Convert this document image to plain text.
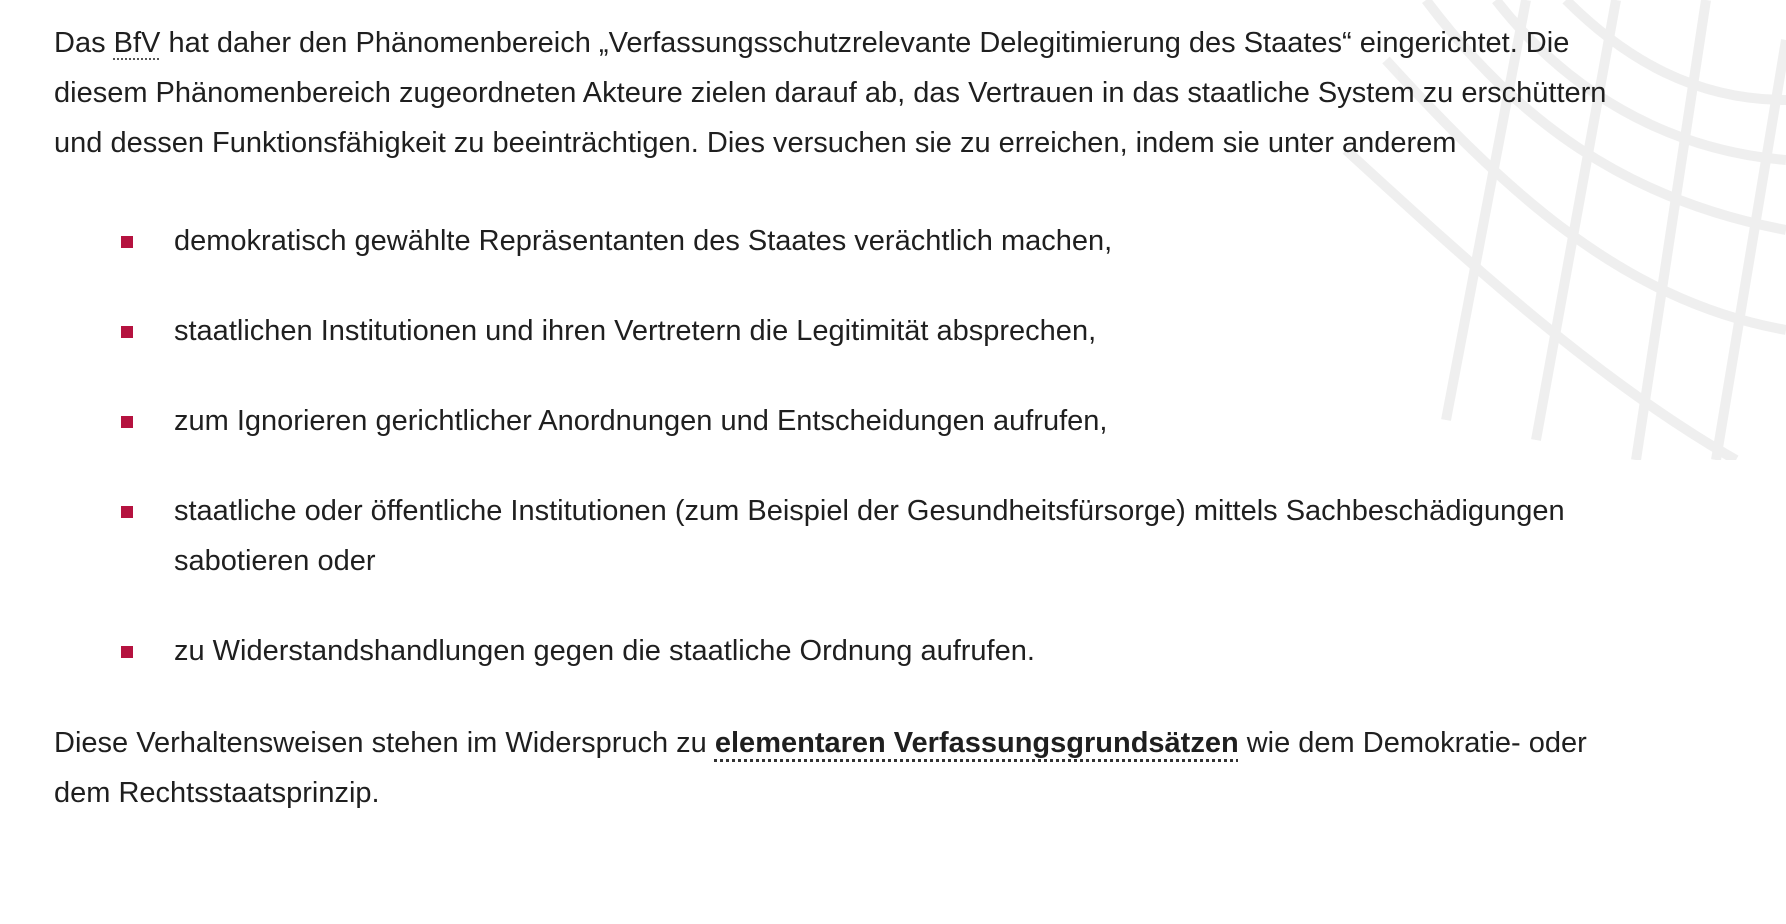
Das BfV hat daher den Phänomenbereich „Verfassungsschutzrelevante Delegitimierung des Staates“ eingerichtet. Die diesem Phänomenbereich zugeordneten Akteure zielen darauf ab, das Vertrauen in das staatliche System zu erschüttern und dessen Funktionsfähigkeit zu beeinträchtigen. Dies versuchen sie zu erreichen, indem sie unter anderem

demokratisch gewählte Repräsentanten des Staates verächtlich machen,
staatlichen Institutionen und ihren Vertretern die Legitimität absprechen,
zum Ignorieren gerichtlicher Anordnungen und Entscheidungen aufrufen,
staatliche oder öffentliche Institutionen (zum Beispiel der Gesundheitsfürsorge) mittels Sachbeschädigungen sabotieren oder
zu Widerstandshandlungen gegen die staatliche Ordnung aufrufen.

Diese Verhaltensweisen stehen im Widerspruch zu elementaren Verfassungsgrundsätzen wie dem Demokratie- oder dem Rechtsstaatsprinzip.
